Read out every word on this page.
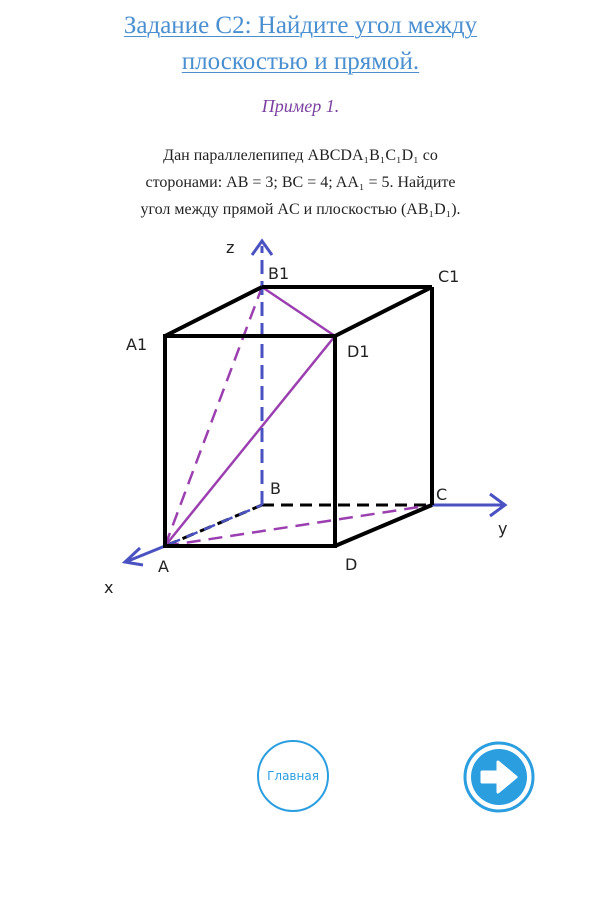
Задание С2: Найдите угол между
плоскостью и прямой.
Пример 1.
Дан параллелепипед ABCDA₁B₁C₁D₁ со
сторонами: AB = 3; BC = 4; AA₁ = 5. Найдите
угол между прямой AC и плоскостью (AB₁D₁).
z
y
x
B1	C1
A1	D1
B	C
A	D
Главная
